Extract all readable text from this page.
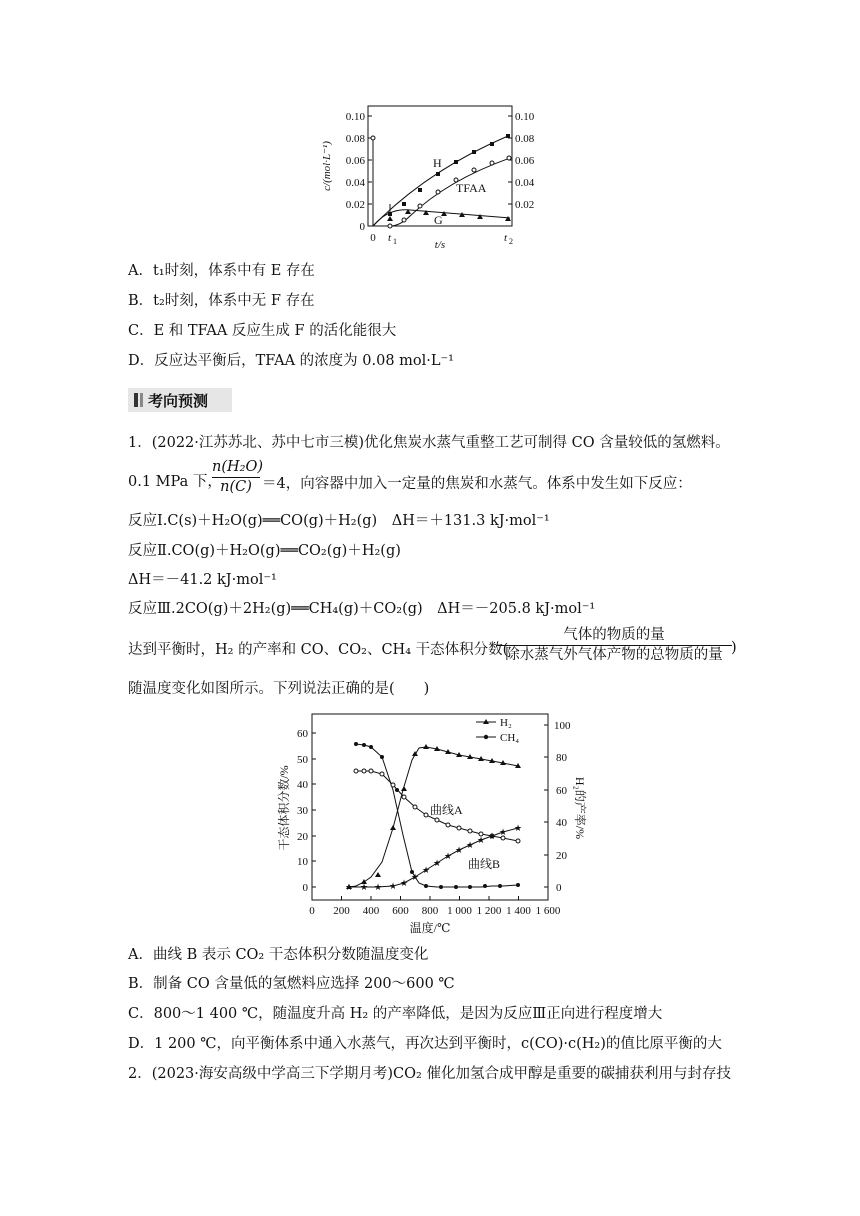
0.10
0.08
0.06
0.04
0.02
0
0.10
0.08
0.06
0.04
0.02
c/(mol·L⁻¹)	H
TFAA
G
0 t 1	t/s
t 2
A．t₁时刻，体系中有 E 存在
B．t₂时刻，体系中无 F 存在
C．E 和 TFAA 反应生成 F 的活化能很大
D．反应达平衡后，TFAA 的浓度为 0.08 mol·L⁻¹
考向预测
1．(2022·江苏苏北、苏中七市三模)优化焦炭水蒸气重整工艺可制得 CO 含量较低的氢燃料。
0.1 MPa 下，
$\frac{\text{n(H₂O)}}{n(C)} =4$，向容器中加入一定量的焦炭和水蒸气。体系中发生如下反应：
反应Ⅰ.C(s)＋H₂O(g)══CO(g)＋H₂(g)　ΔH＝＋131.3 kJ·mol⁻¹
反应Ⅱ.CO(g)＋H₂O(g)══CO₂(g)＋H₂(g)
ΔH＝－41.2 kJ·mol⁻¹
反应Ⅲ.2CO(g)＋2H₂(g)══CH₄(g)＋CO₂(g)　ΔH＝－205.8 kJ·mol⁻¹
达到平衡时，H₂ 的产率和 CO、CO₂、CH₄ 干态体积分数(
气体的物质的量
除水蒸气外气体产物的总物质的量 )
随温度变化如图所示。下列说法正确的是(　　)
60
50
40
30
20
10
0
100
80
60
40
20
0
干态体积分数/%	H₂的产率/%
0 200 400 600 800 1 000 1 200 1 400 1 600
温度/℃
H₂
CH₄
曲线A
★ ★ ★ ★ ★
★
★
★
★
★ ★ ★ ★ ★ ★
曲线B
A．曲线 B 表示 CO₂ 干态体积分数随温度变化
B．制备 CO 含量低的氢燃料应选择 200～600 ℃
C．800～1 400 ℃，随温度升高 H₂ 的产率降低，是因为反应Ⅲ正向进行程度增大
D．1 200 ℃，向平衡体系中通入水蒸气，再次达到平衡时，c(CO)·c(H₂)的值比原平衡的大
2．(2023·海安高级中学高三下学期月考)CO₂ 催化加氢合成甲醇是重要的碳捕获利用与封存技
